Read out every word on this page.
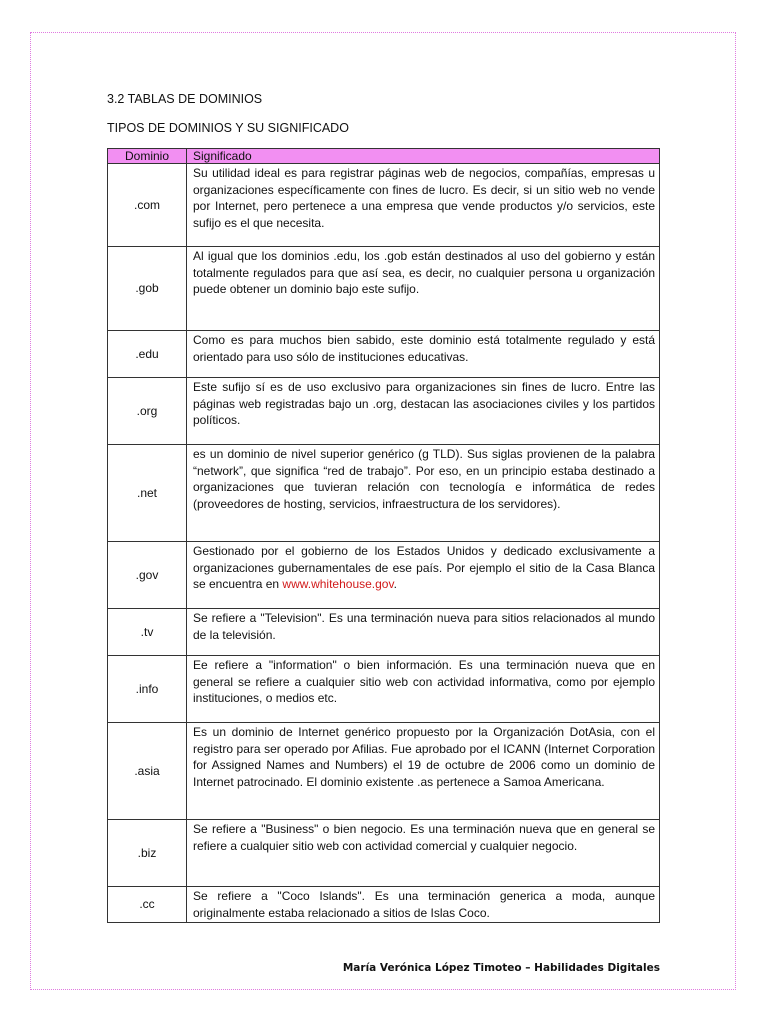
3.2 TABLAS DE DOMINIOS
TIPOS DE DOMINIOS Y SU SIGNIFICADO
Dominio	Significado
.com	Su utilidad ideal es para registrar páginas web de negocios, compañías, empresas u organizaciones específicamente con fines de lucro. Es decir, si un sitio web no vende por Internet, pero pertenece a una empresa que vende productos y/o servicios, este sufijo es el que necesita.
.gob	Al igual que los dominios .edu, los .gob están destinados al uso del gobierno y están totalmente regulados para que así sea, es decir, no cualquier persona u organización puede obtener un dominio bajo este sufijo.
.edu	Como es para muchos bien sabido, este dominio está totalmente regulado y está orientado para uso sólo de instituciones educativas.
.org	Este sufijo sí es de uso exclusivo para organizaciones sin fines de lucro. Entre las páginas web registradas bajo un .org, destacan las asociaciones civiles y los partidos políticos.
.net	es un dominio de nivel superior genérico (g TLD). Sus siglas provienen de la palabra “network”, que significa “red de trabajo”. Por eso, en un principio estaba destinado a organizaciones que tuvieran relación con tecnología e informática de redes (proveedores de hosting, servicios, infraestructura de los servidores).
.gov	Gestionado por el gobierno de los Estados Unidos y dedicado exclusivamente a organizaciones gubernamentales de ese país. Por ejemplo el sitio de la Casa Blanca se encuentra en www.whitehouse.gov.
.tv	Se refiere a "Television". Es una terminación nueva para sitios relacionados al mundo de la televisión.
.info	Ee refiere a "information" o bien información. Es una terminación nueva que en general se refiere a cualquier sitio web con actividad informativa, como por ejemplo instituciones, o medios etc.
.asia	Es un dominio de Internet genérico propuesto por la Organización DotAsia, con el registro para ser operado por Afilias. Fue aprobado por el ICANN (Internet Corporation for Assigned Names and Numbers) el 19 de octubre de 2006 como un dominio de Internet patrocinado. El dominio existente .as pertenece a Samoa Americana.
.biz	Se refiere a "Business" o bien negocio. Es una terminación nueva que en general se refiere a cualquier sitio web con actividad comercial y cualquier negocio.
.cc	Se refiere a "Coco Islands". Es una terminación generica a moda, aunque originalmente estaba relacionado a sitios de Islas Coco.
María Verónica López Timoteo – Habilidades Digitales
